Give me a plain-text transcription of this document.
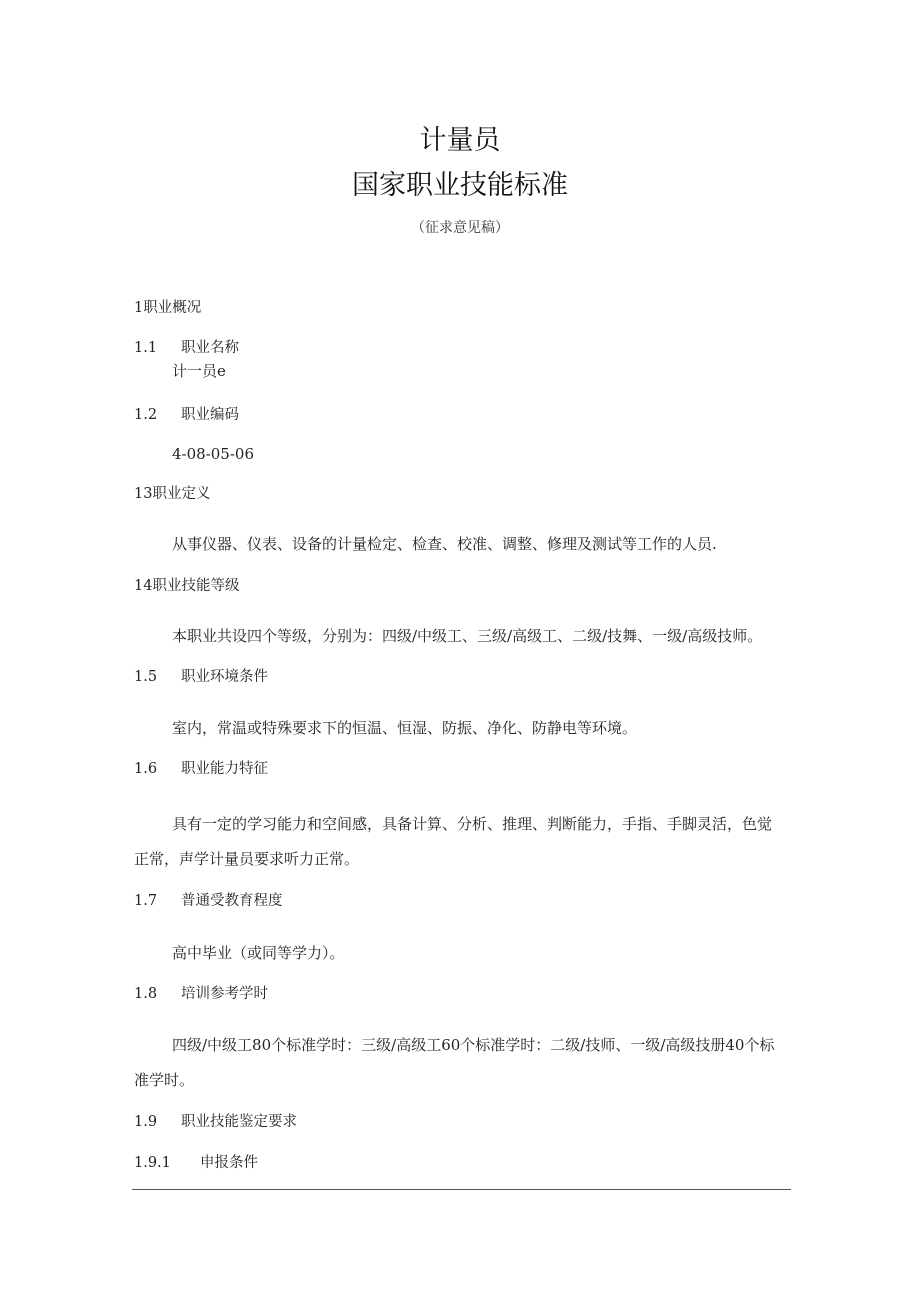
计量员
国家职业技能标准
（征求意见稿）
1职业概况
1.1 职业名称
计一员e
1.2 职业编码
4-08-05-06
13职业定义
从事仪器、仪表、设备的计量检定、检查、校准、调整、修理及测试等工作的人员.
14职业技能等级
本职业共设四个等级，分别为：四级/中级工、三级/高级工、二级/技舞、一级/高级技师。
1.5 职业环境条件
室内，常温或特殊要求下的恒温、恒湿、防振、净化、防静电等环境。
1.6 职业能力特征
具有一定的学习能力和空间感，具备计算、分析、推理、判断能力，手指、手脚灵活，色觉
正常，声学计量员要求听力正常。
1.7 普通受教育程度
高中毕业（或同等学力）。
1.8 培训参考学时
四级/中级工80个标准学时：三级/高级工60个标准学时：二级/技师、一级/高级技册40个标
准学时。
1.9 职业技能鉴定要求
1.9.1 申报条件
